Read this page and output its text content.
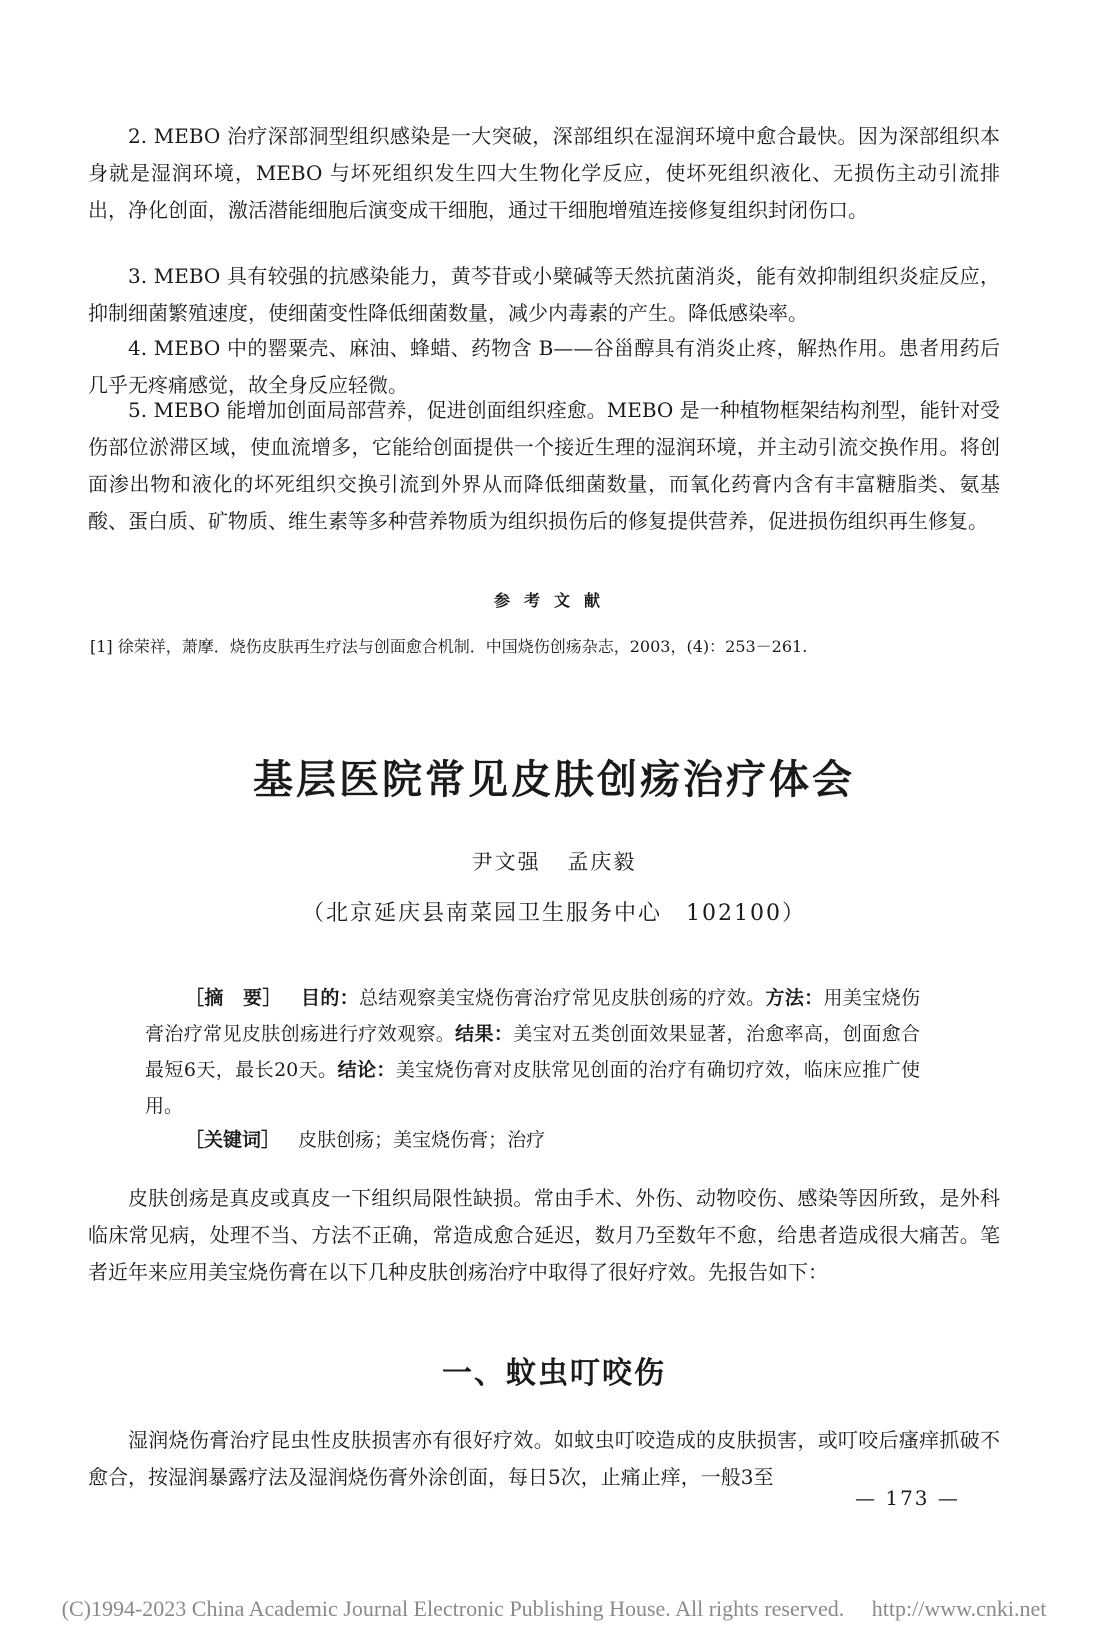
2. MEBO 治疗深部洞型组织感染是一大突破，深部组织在湿润环境中愈合最快。因为深部组织本身就是湿润环境，MEBO 与坏死组织发生四大生物化学反应，使坏死组织液化、无损伤主动引流排出，净化创面，激活潜能细胞后演变成干细胞，通过干细胞增殖连接修复组织封闭伤口。

3. MEBO 具有较强的抗感染能力，黄芩苷或小檗碱等天然抗菌消炎，能有效抑制组织炎症反应，抑制细菌繁殖速度，使细菌变性降低细菌数量，减少内毒素的产生。降低感染率。

4. MEBO 中的罂粟壳、麻油、蜂蜡、药物含 B——谷甾醇具有消炎止疼，解热作用。患者用药后几乎无疼痛感觉，故全身反应轻微。

5. MEBO 能增加创面局部营养，促进创面组织痊愈。MEBO 是一种植物框架结构剂型，能针对受伤部位淤滞区域，使血流增多，它能给创面提供一个接近生理的湿润环境，并主动引流交换作用。将创面渗出物和液化的坏死组织交换引流到外界从而降低细菌数量，而氧化药膏内含有丰富糖脂类、氨基酸、蛋白质、矿物质、维生素等多种营养物质为组织损伤后的修复提供营养，促进损伤组织再生修复。

参考文献
[1] 徐荣祥，萧摩．烧伤皮肤再生疗法与创面愈合机制．中国烧伤创疡杂志，2003，(4)：253－261.
基层医院常见皮肤创疡治疗体会
尹文强 孟庆毅
（北京延庆县南菜园卫生服务中心　102100）

［摘　要］ 目的：总结观察美宝烧伤膏治疗常见皮肤创疡的疗效。方法：用美宝烧伤膏治疗常见皮肤创疡进行疗效观察。结果：美宝对五类创面效果显著，治愈率高，创面愈合最短6天，最长20天。结论：美宝烧伤膏对皮肤常见创面的治疗有确切疗效，临床应推广使用。

［关键词］ 皮肤创疡；美宝烧伤膏；治疗

皮肤创疡是真皮或真皮一下组织局限性缺损。常由手术、外伤、动物咬伤、感染等因所致，是外科临床常见病，处理不当、方法不正确，常造成愈合延迟，数月乃至数年不愈，给患者造成很大痛苦。笔者近年来应用美宝烧伤膏在以下几种皮肤创疡治疗中取得了很好疗效。先报告如下：

一、蚊虫叮咬伤

湿润烧伤膏治疗昆虫性皮肤损害亦有很好疗效。如蚊虫叮咬造成的皮肤损害，或叮咬后瘙痒抓破不愈合，按湿润暴露疗法及湿润烧伤膏外涂创面，每日5次，止痛止痒，一般3至

— 173 —
(C)1994-2023 China Academic Journal Electronic Publishing House. All rights reserved.　 http://www.cnki.net
